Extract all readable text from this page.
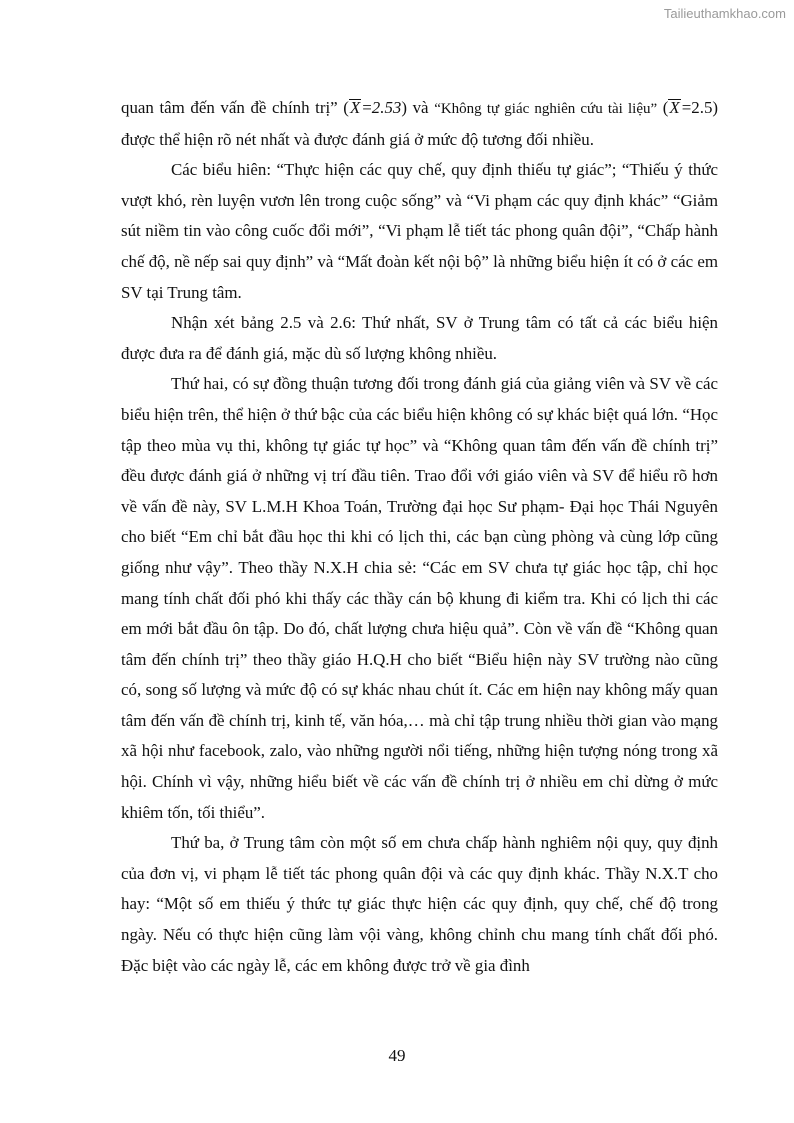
Tailieuthamkhao.com

quan tâm đến vấn đề chính trị” (X =2.53) và “Không tự giác nghiên cứu tài liệu” (X =2.5) được thể hiện rõ nét nhất và được đánh giá ở mức độ tương đối nhiều.

Các biểu hiên: “Thực hiện các quy chế, quy định thiếu tự giác”; “Thiếu ý thức vượt khó, rèn luyện vươn lên trong cuộc sống” và “Vi phạm các quy định khác” “Giảm sút niềm tin vào công cuốc đổi mới”, “Vi phạm lễ tiết tác phong quân đội”, “Chấp hành chế độ, nề nếp sai quy định” và “Mất đoàn kết nội bộ” là những biểu hiện ít có ở các em SV tại Trung tâm.

Nhận xét bảng 2.5 và 2.6: Thứ nhất, SV ở Trung tâm có tất cả các biểu hiện được đưa ra để đánh giá, mặc dù số lượng không nhiều.

Thứ hai, có sự đồng thuận tương đối trong đánh giá của giảng viên và SV về các biểu hiện trên, thể hiện ở thứ bậc của các biểu hiện không có sự khác biệt quá lớn. “Học tập theo mùa vụ thi, không tự giác tự học” và “Không quan tâm đến vấn đề chính trị” đều được đánh giá ở những vị trí đầu tiên. Trao đổi với giáo viên và SV để hiểu rõ hơn về vấn đề này, SV L.M.H Khoa Toán, Trường đại học Sư phạm- Đại học Thái Nguyên cho biết “Em chỉ bắt đầu học thi khi có lịch thi, các bạn cùng phòng và cùng lớp cũng giống như vậy”. Theo thầy N.X.H chia sẻ: “Các em SV chưa tự giác học tập, chỉ học mang tính chất đối phó khi thấy các thầy cán bộ khung đi kiểm tra. Khi có lịch thi các em mới bắt đầu ôn tập. Do đó, chất lượng chưa hiệu quả”. Còn về vấn đề “Không quan tâm đến chính trị” theo thầy giáo H.Q.H cho biết “Biểu hiện này SV trường nào cũng có, song số lượng và mức độ có sự khác nhau chút ít. Các em hiện nay không mấy quan tâm đến vấn đề chính trị, kinh tế, văn hóa,… mà chỉ tập trung nhiều thời gian vào mạng xã hội như facebook, zalo, vào những người nổi tiếng, những hiện tượng nóng trong xã hội. Chính vì vậy, những hiểu biết về các vấn đề chính trị ở nhiều em chỉ dừng ở mức khiêm tốn, tối thiểu”.

Thứ ba, ở Trung tâm còn một số em chưa chấp hành nghiêm nội quy, quy định của đơn vị, vi phạm lễ tiết tác phong quân đội và các quy định khác. Thầy N.X.T cho hay: “Một số em thiếu ý thức tự giác thực hiện các quy định, quy chế, chế độ trong ngày. Nếu có thực hiện cũng làm vội vàng, không chỉnh chu mang tính chất đối phó. Đặc biệt vào các ngày lễ, các em không được trở về gia đình

49
